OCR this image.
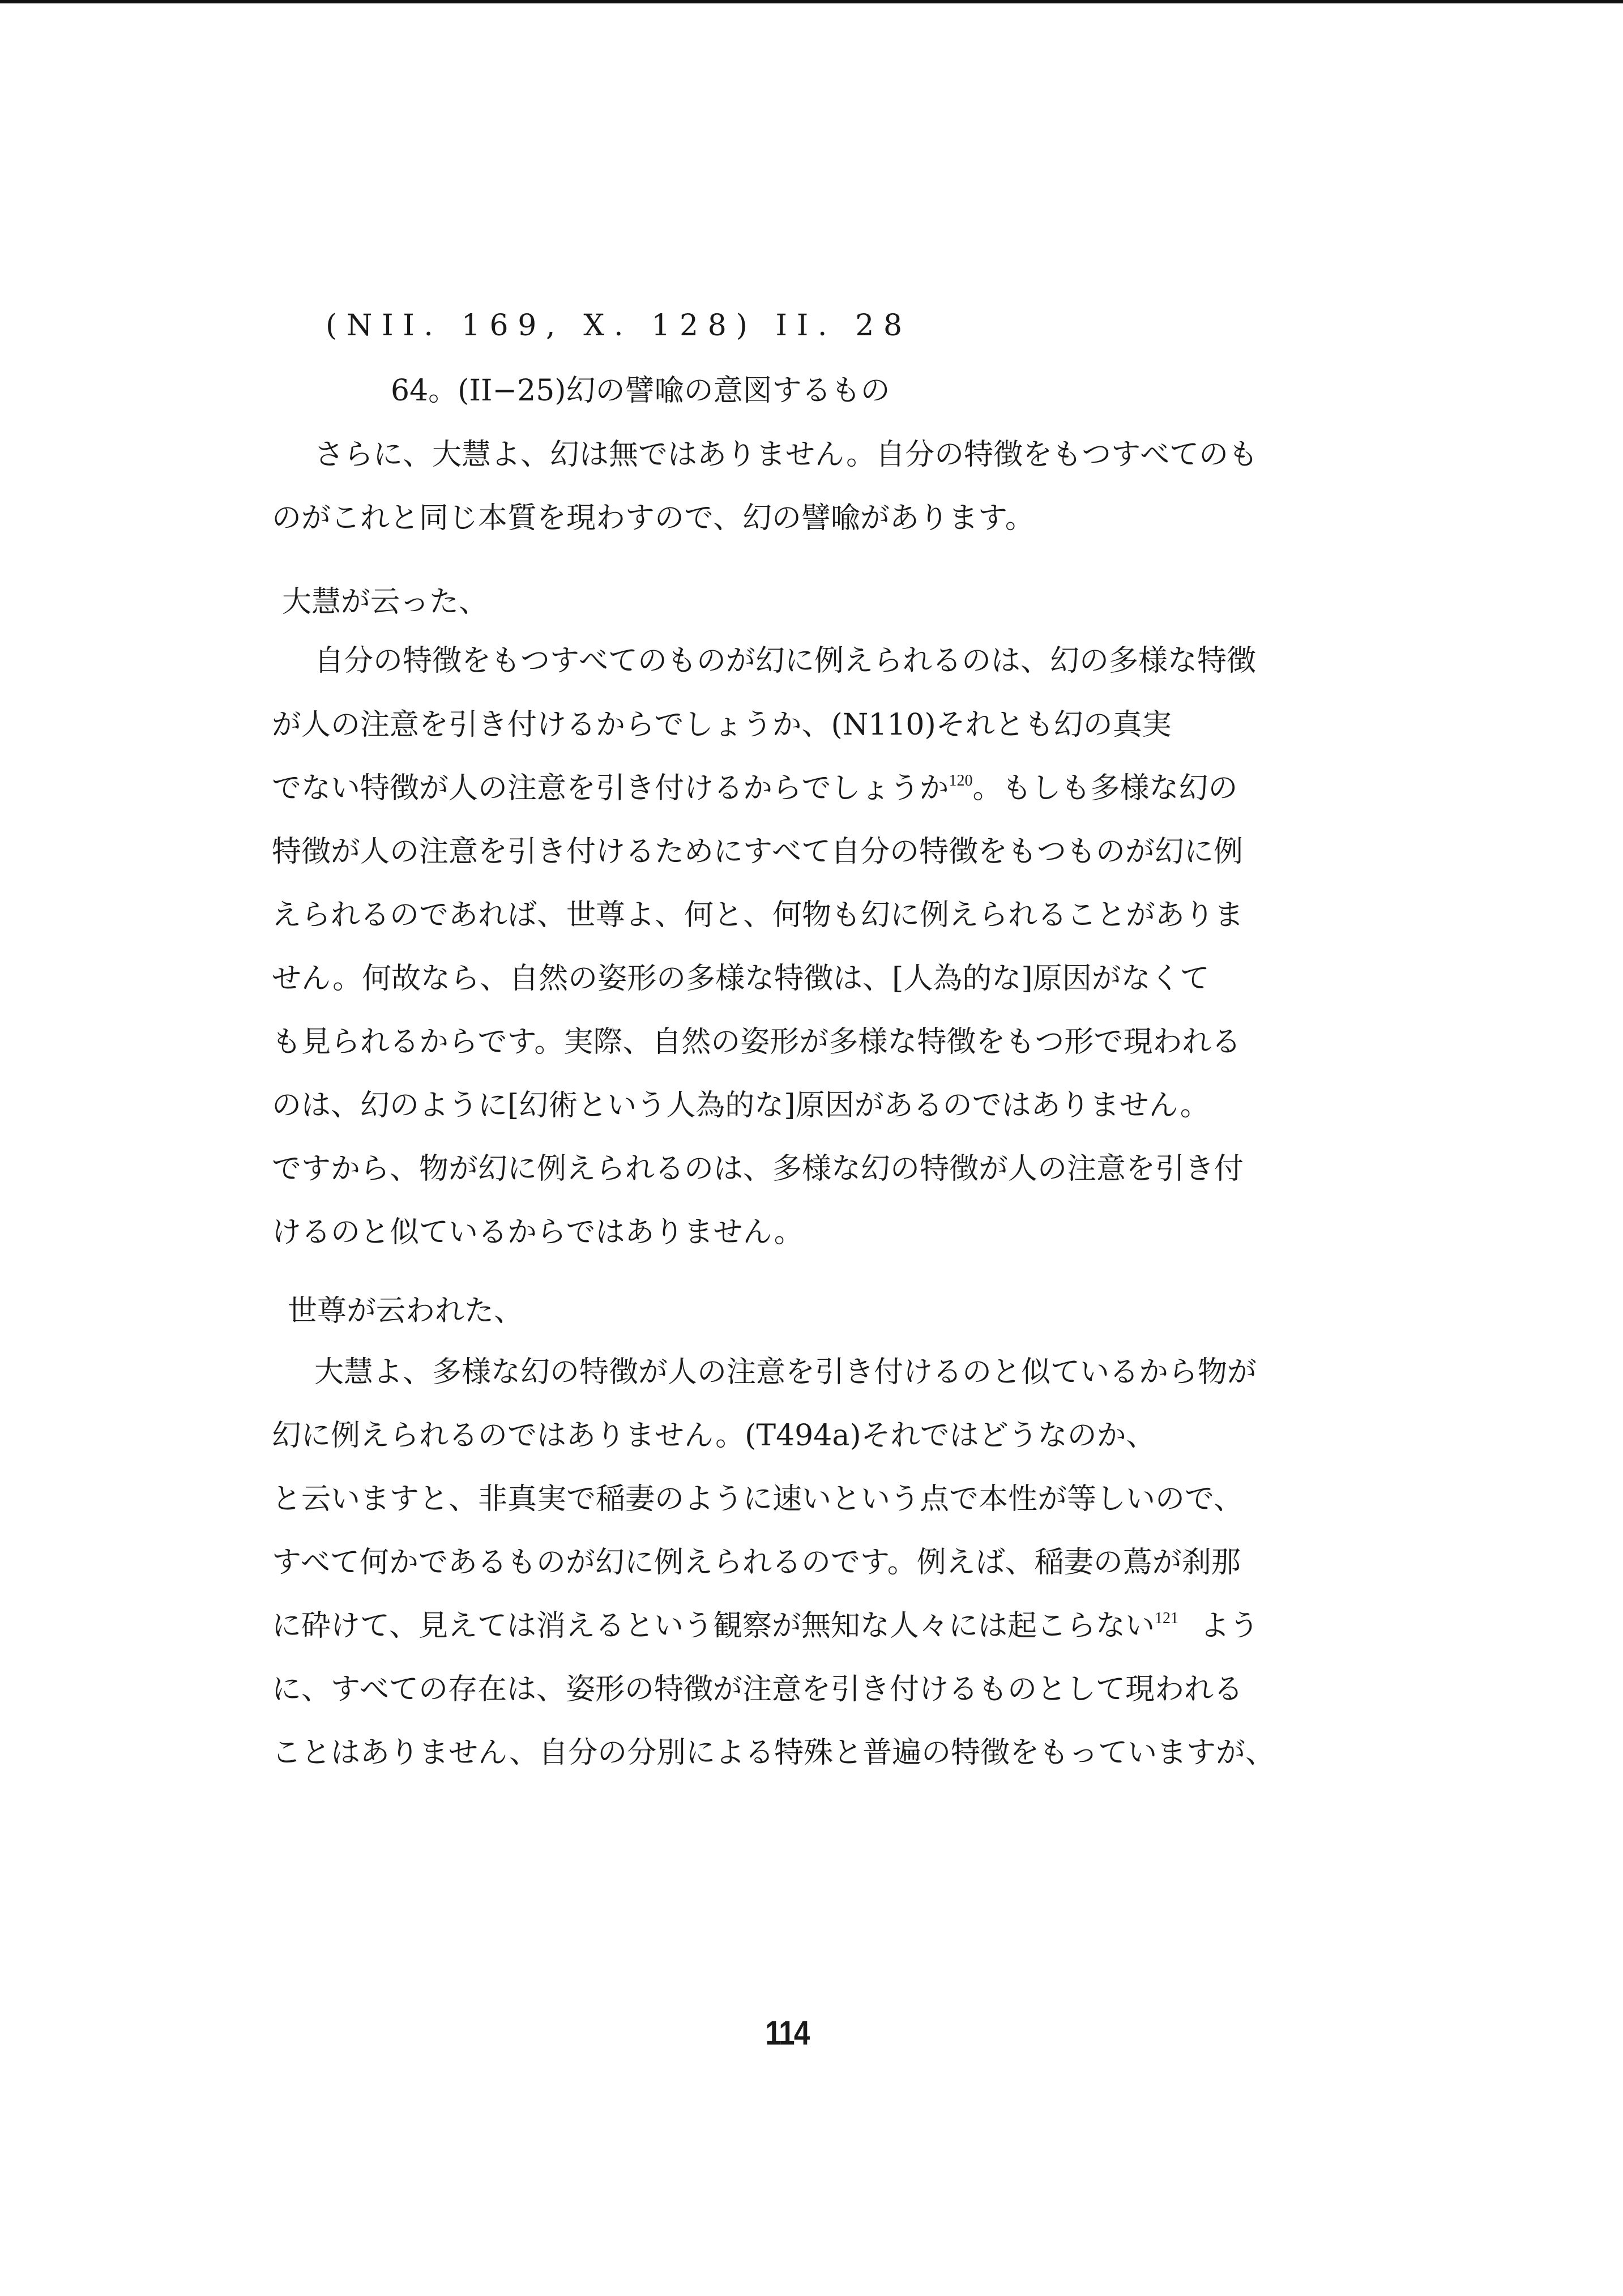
(NII. 169, X. 128) II. 28
64。(II−25)幻の譬喩の意図するもの
さらに、大慧よ、幻は無ではありません。自分の特徴をもつすべてのも
のがこれと同じ本質を現わすので、幻の譬喩があります。
大慧が云った、
自分の特徴をもつすべてのものが幻に例えられるのは、幻の多様な特徴
が人の注意を引き付けるからでしょうか、(N110)それとも幻の真実
でない特徴が人の注意を引き付けるからでしょうか$^{120}$。もしも多様な幻の
特徴が人の注意を引き付けるためにすべて自分の特徴をもつものが幻に例
えられるのであれば、世尊よ、何と、何物も幻に例えられることがありま
せん。何故なら、自然の姿形の多様な特徴は、[人為的な]原因がなくて
も見られるからです。実際、自然の姿形が多様な特徴をもつ形で現われる
のは、幻のように[幻術という人為的な]原因があるのではありません。
ですから、物が幻に例えられるのは、多様な幻の特徴が人の注意を引き付
けるのと似ているからではありません。
世尊が云われた、
大慧よ、多様な幻の特徴が人の注意を引き付けるのと似ているから物が
幻に例えられるのではありません。(T494a)それではどうなのか、
と云いますと、非真実で稲妻のように速いという点で本性が等しいので、
すべて何かであるものが幻に例えられるのです。例えば、稲妻の蔦が刹那
に砕けて、見えては消えるという観察が無知な人々には起こらない$^{121}$ よう
に、すべての存在は、姿形の特徴が注意を引き付けるものとして現われる
ことはありません、自分の分別による特殊と普遍の特徴をもっていますが、
114
